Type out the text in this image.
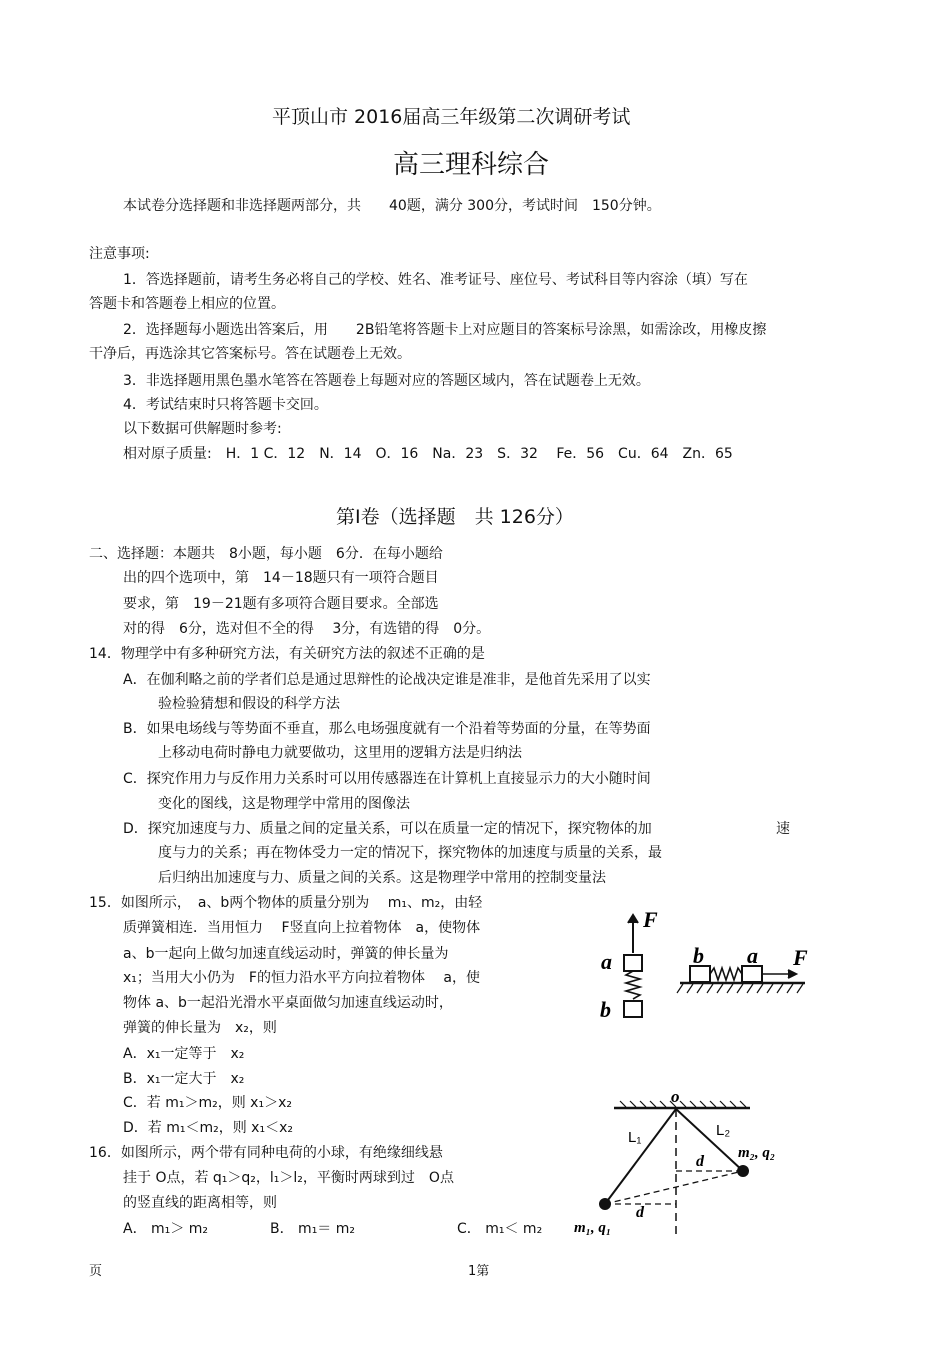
平顶山市 2016届高三年级第二次调研考试
高三理科综合
本试卷分选择题和非选择题两部分，共　　40题，满分 300分，考试时间　150分钟。
注意事项:
1．答选择题前，请考生务必将自己的学校、姓名、准考证号、座位号、考试科目等内容涂（填）写在
答题卡和答题卷上相应的位置。
2．选择题每小题选出答案后，用　　2B铅笔将答题卡上对应题目的答案标号涂黑，如需涂改，用橡皮擦
干净后，再选涂其它答案标号。答在试题卷上无效。
3．非选择题用黑色墨水笔答在答题卷上每题对应的答题区域内，答在试题卷上无效。
4．考试结束时只将答题卡交回。
以下数据可供解题时参考:
相对原子质量:　H．1 C．12　N．14　O．16　Na．23　S．32　 Fe．56　Cu．64　Zn．65
第Ⅰ卷（选择题　共 126分）
二、选择题：本题共　8小题，每小题　6分．在每小题给
出的四个选项中，第　14－18题只有一项符合题目
要求，第　19－21题有多项符合题目要求。全部选
对的得　6分，选对但不全的得　 3分，有选错的得　0分。
14．物理学中有多种研究方法，有关研究方法的叙述不正确的是
A．在伽利略之前的学者们总是通过思辩性的论战决定谁是准非，是他首先采用了以实
验检验猜想和假设的科学方法
B．如果电场线与等势面不垂直，那么电场强度就有一个沿着等势面的分量，在等势面
上移动电荷时静电力就要做功，这里用的逻辑方法是归纳法
C．探究作用力与反作用力关系时可以用传感器连在计算机上直接显示力的大小随时间
变化的图线，这是物理学中常用的图像法
D．探究加速度与力、质量之间的定量关系，可以在质量一定的情况下，探究物体的加	速
度与力的关系；再在物体受力一定的情况下，探究物体的加速度与质量的关系，最
后归纳出加速度与力、质量之间的关系。这是物理学中常用的控制变量法
15．如图所示，　a、b两个物体的质量分别为　 m₁、m₂，由轻
质弹簧相连．当用恒力　 F竖直向上拉着物体　a，使物体
a、b一起向上做匀加速直线运动时，弹簧的伸长量为
x₁；当用大小仍为　F的恒力沿水平方向拉着物体　 a，使
物体 a、b一起沿光滑水平桌面做匀加速直线运动时，
弹簧的伸长量为　x₂，则
A．x₁一定等于　x₂
B．x₁一定大于　x₂
C．若 m₁＞m₂，则 x₁＞x₂
D．若 m₁＜m₂，则 x₁＜x₂
F
a
b
b a F
16．如图所示，两个带有同种电荷的小球，有绝缘细线悬
挂于 O点，若 q₁＞q₂，l₁＞l₂，平衡时两球到过　O点
的竖直线的距离相等，则
A． m₁＞ m₂	B． m₁＝ m₂	C． m₁＜ m₂
o
L₁	L₂
d
d
m₂, q₂
m₁, q₁
页	1第
